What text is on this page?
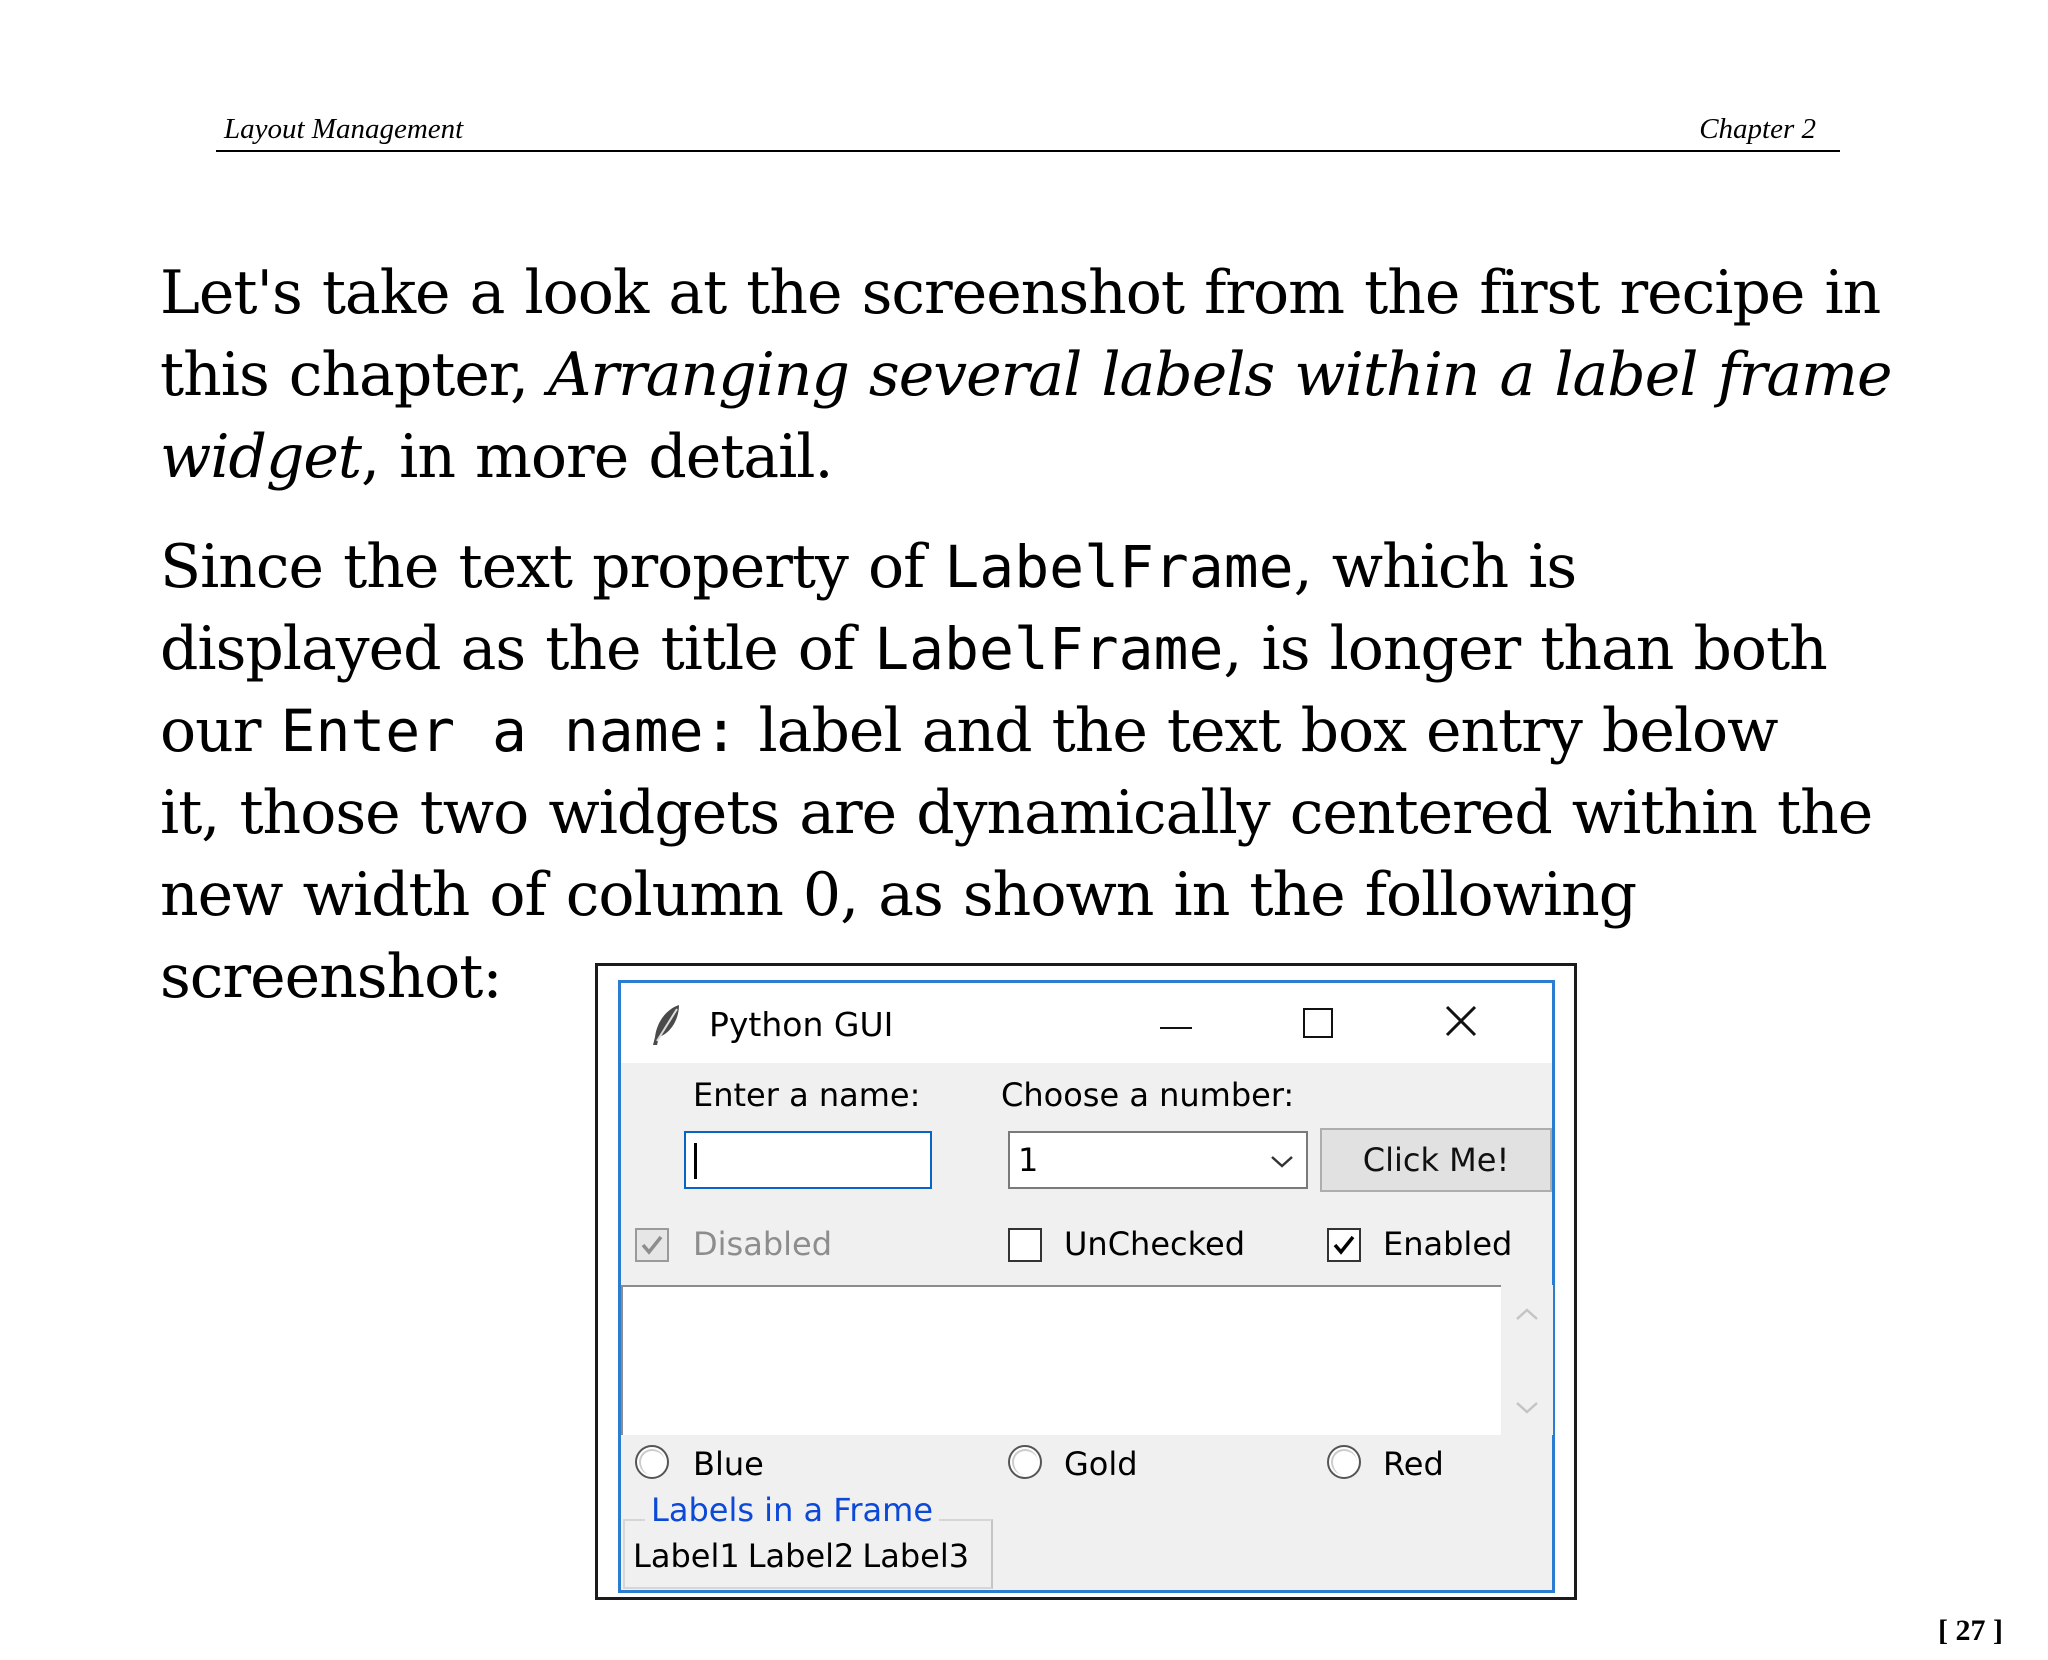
Layout Management	Chapter 2

Let's take a look at the screenshot from the first recipe in
this chapter, Arranging several labels within a label frame
widget, in more detail.

Since the text property of LabelFrame, which is
displayed as the title of LabelFrame, is longer than both
our Enter a name: label and the text box entry below
it, those two widgets are dynamically centered within the
new width of column 0, as shown in the following
screenshot:

Python GUI
Enter a name:	Choose a number:
1	Click Me!
Disabled	UnChecked	Enabled
Blue	Gold	Red
Labels in a Frame
Label1 Label2 Label3
[ 27 ]
